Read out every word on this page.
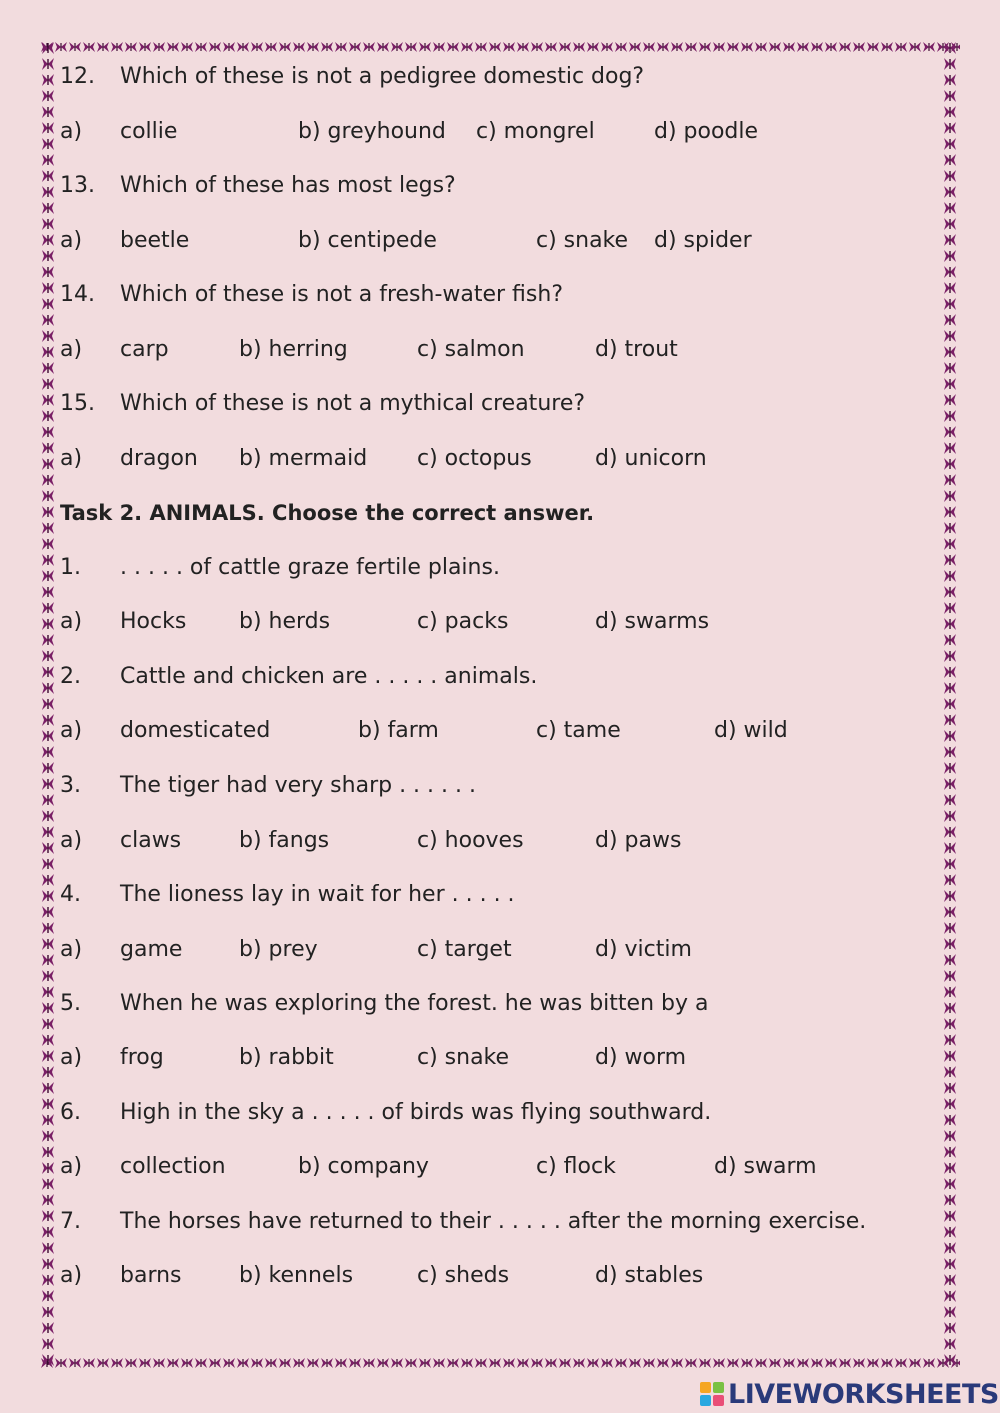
12. Which of these is not a pedigree domestic dog?
a) collie	b) greyhound c) mongrel	d) poodle
13. Which of these has most legs?
a) beetle	b) centipede	c) snake d) spider
14. Which of these is not a fresh-water fish?
a) carp	b) herring	c) salmon	d) trout
15. Which of these is not a mythical creature?
a) dragon b) mermaid c) octopus	d) unicorn
Task 2. ANIMALS. Choose the correct answer.
1. . . . . . of cattle graze fertile plains.
a) Hocks b) herds	c) packs	d) swarms
2. Cattle and chicken are . . . . . animals.
a) domesticated	b) farm	c) tame	d) wild
3. The tiger had very sharp . . . . . .
a) claws	b) fangs	c) hooves	d) paws
4. The lioness lay in wait for her . . . . .
a) game	b) prey	c) target	d) victim
5. When he was exploring the forest. he was bitten by a
a) frog	b) rabbit	c) snake	d) worm
6. High in the sky a . . . . . of birds was flying southward.
a) collection	b) company	c) flock	d) swarm
7. The horses have returned to their . . . . . after the morning exercise.
a) barns	b) kennels	c) sheds	d) stables
LIVEWORKSHEETS
